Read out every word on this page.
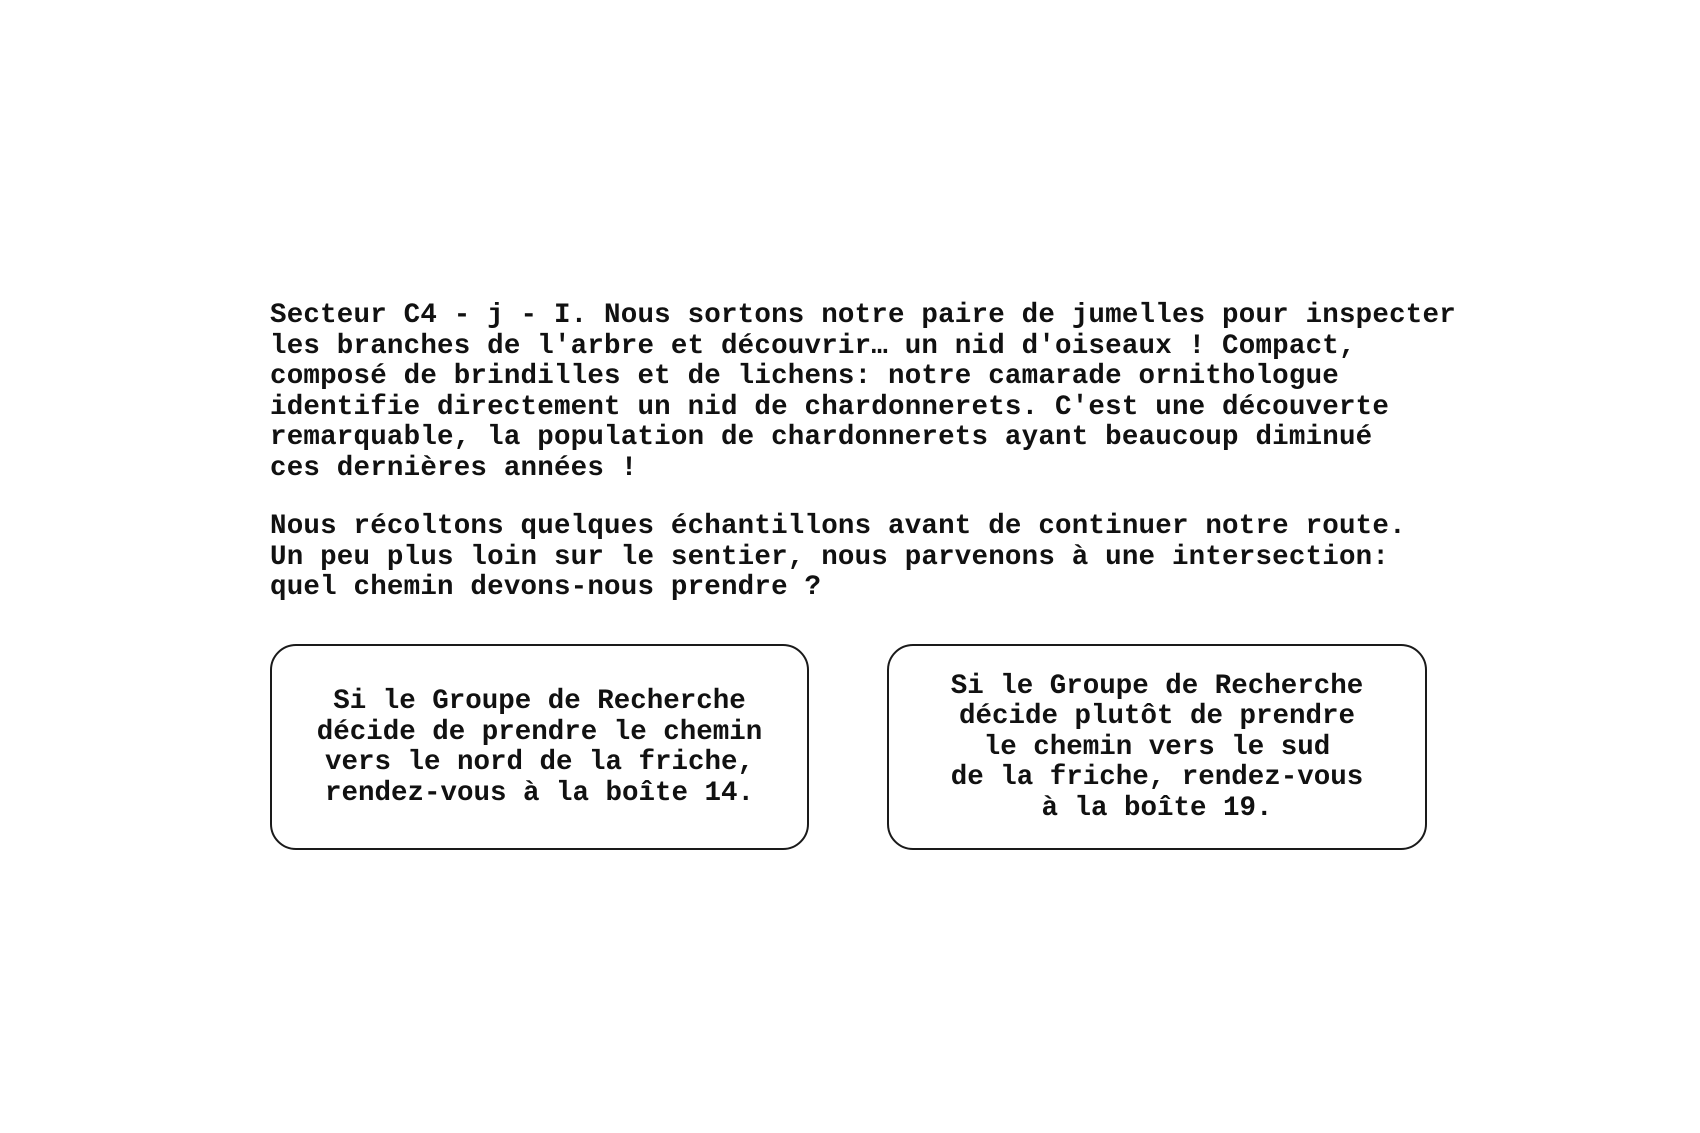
Secteur C4 - j - I. Nous sortons notre paire de jumelles pour inspecter
les branches de l'arbre et découvrir… un nid d'oiseaux ! Compact,
composé de brindilles et de lichens: notre camarade ornithologue
identifie directement un nid de chardonnerets. C'est une découverte
remarquable, la population de chardonnerets ayant beaucoup diminué
ces dernières années !
Nous récoltons quelques échantillons avant de continuer notre route.
Un peu plus loin sur le sentier, nous parvenons à une intersection:
quel chemin devons-nous prendre ?
Si le Groupe de Recherche
décide de prendre le chemin
vers le nord de la friche,
rendez-vous à la boîte 14.
Si le Groupe de Recherche
décide plutôt de prendre
le chemin vers le sud
de la friche, rendez-vous
à la boîte 19.
